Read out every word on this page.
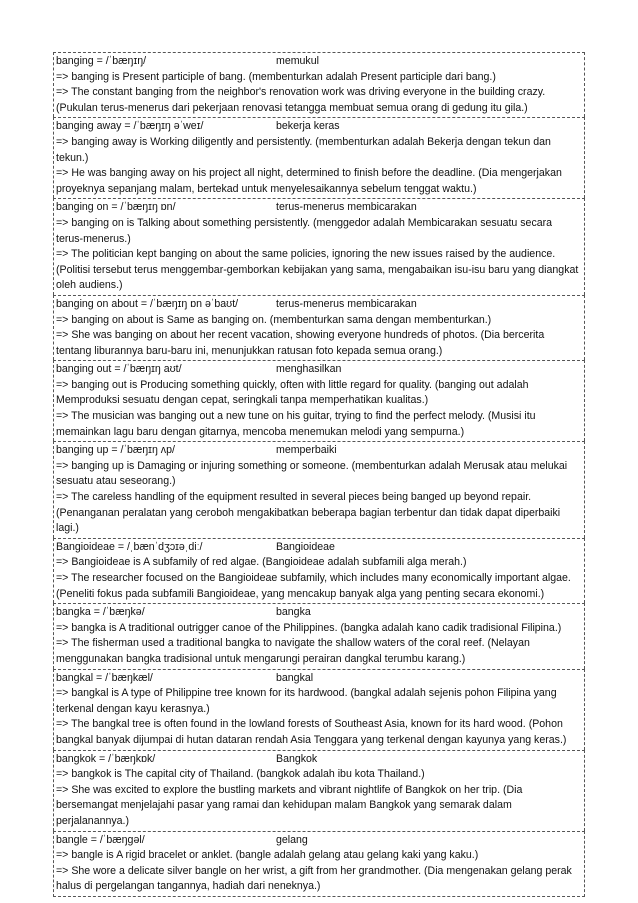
banging = /ˈbæŋɪŋ/	memukul
=> banging is Present participle of bang. (membenturkan adalah Present participle dari bang.)
=> The constant banging from the neighbor's renovation work was driving everyone in the building crazy. (Pukulan terus-menerus dari pekerjaan renovasi tetangga membuat semua orang di gedung itu gila.)
banging away = /ˈbæŋɪŋ əˈweɪ/	bekerja keras
=> banging away is Working diligently and persistently. (membenturkan adalah Bekerja dengan tekun dan tekun.)
=> He was banging away on his project all night, determined to finish before the deadline. (Dia mengerjakan proyeknya sepanjang malam, bertekad untuk menyelesaikannya sebelum tenggat waktu.)
banging on = /ˈbæŋɪŋ ɒn/	terus-menerus membicarakan
=> banging on is Talking about something persistently. (menggedor adalah Membicarakan sesuatu secara terus-menerus.)
=> The politician kept banging on about the same policies, ignoring the new issues raised by the audience. (Politisi tersebut terus menggembar-gemborkan kebijakan yang sama, mengabaikan isu-isu baru yang diangkat oleh audiens.)
banging on about = /ˈbæŋɪŋ ɒn əˈbaʊt/	terus-menerus membicarakan
=> banging on about is Same as banging on. (membenturkan sama dengan membenturkan.)
=> She was banging on about her recent vacation, showing everyone hundreds of photos. (Dia bercerita tentang liburannya baru-baru ini, menunjukkan ratusan foto kepada semua orang.)
banging out = /ˈbæŋɪŋ aʊt/	menghasilkan
=> banging out is Producing something quickly, often with little regard for quality. (banging out adalah Memproduksi sesuatu dengan cepat, seringkali tanpa memperhatikan kualitas.)
=> The musician was banging out a new tune on his guitar, trying to find the perfect melody. (Musisi itu memainkan lagu baru dengan gitarnya, mencoba menemukan melodi yang sempurna.)
banging up = /ˈbæŋɪŋ ʌp/	memperbaiki
=> banging up is Damaging or injuring something or someone. (membenturkan adalah Merusak atau melukai sesuatu atau seseorang.)
=> The careless handling of the equipment resulted in several pieces being banged up beyond repair. (Penanganan peralatan yang ceroboh mengakibatkan beberapa bagian terbentur dan tidak dapat diperbaiki lagi.)
Bangioideae = /ˌbænˈdʒɔɪəˌdiː/	Bangioideae
=> Bangioideae is A subfamily of red algae. (Bangioideae adalah subfamili alga merah.)
=> The researcher focused on the Bangioideae subfamily, which includes many economically important algae. (Peneliti fokus pada subfamili Bangioideae, yang mencakup banyak alga yang penting secara ekonomi.)
bangka = /ˈbæŋkə/	bangka
=> bangka is A traditional outrigger canoe of the Philippines. (bangka adalah kano cadik tradisional Filipina.)
=> The fisherman used a traditional bangka to navigate the shallow waters of the coral reef. (Nelayan menggunakan bangka tradisional untuk mengarungi perairan dangkal terumbu karang.)
bangkal = /ˈbæŋkæl/	bangkal
=> bangkal is A type of Philippine tree known for its hardwood. (bangkal adalah sejenis pohon Filipina yang terkenal dengan kayu kerasnya.)
=> The bangkal tree is often found in the lowland forests of Southeast Asia, known for its hard wood. (Pohon bangkal banyak dijumpai di hutan dataran rendah Asia Tenggara yang terkenal dengan kayunya yang keras.)
bangkok = /ˈbæŋkɒk/	Bangkok
=> bangkok is The capital city of Thailand. (bangkok adalah ibu kota Thailand.)
=> She was excited to explore the bustling markets and vibrant nightlife of Bangkok on her trip. (Dia bersemangat menjelajahi pasar yang ramai dan kehidupan malam Bangkok yang semarak dalam perjalanannya.)
bangle = /ˈbæŋɡəl/	gelang
=> bangle is A rigid bracelet or anklet. (bangle adalah gelang atau gelang kaki yang kaku.)
=> She wore a delicate silver bangle on her wrist, a gift from her grandmother. (Dia mengenakan gelang perak halus di pergelangan tangannya, hadiah dari neneknya.)
